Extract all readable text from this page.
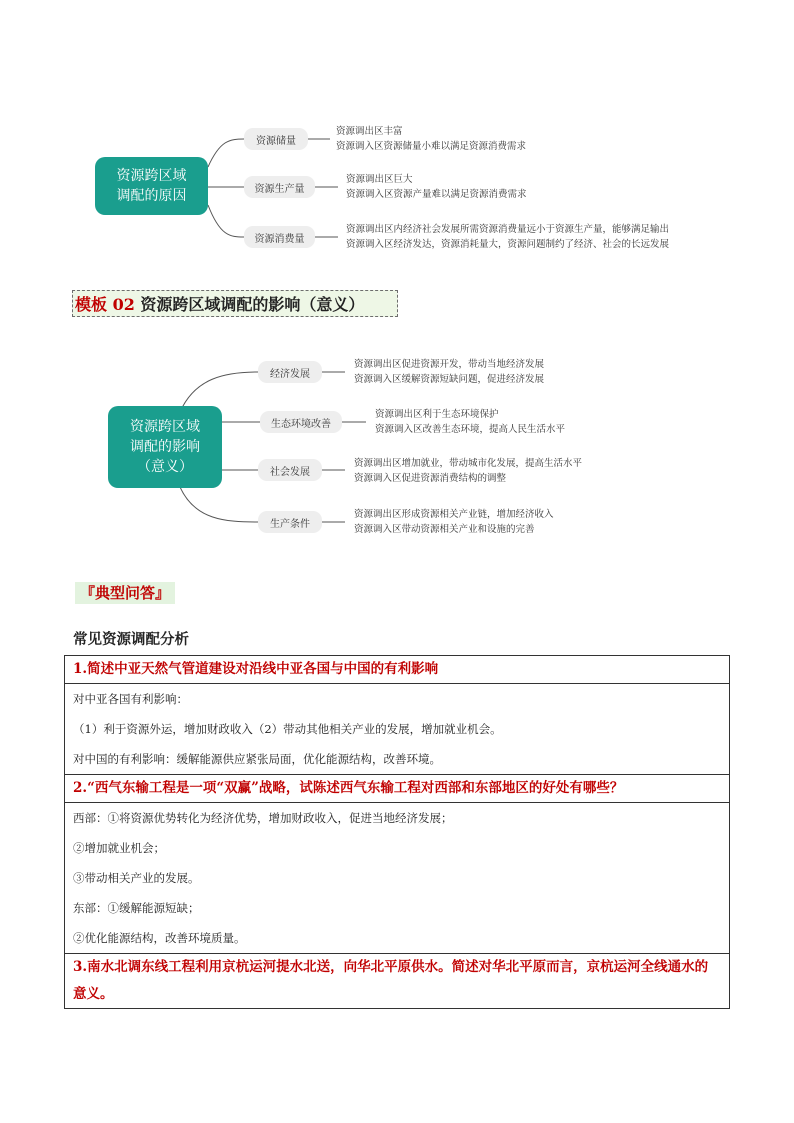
资源跨区域
调配的原因
资源储量
资源生产量
资源消费量
资源调出区丰富
资源调入区资源储量小难以满足资源消费需求
资源调出区巨大
资源调入区资源产量难以满足资源消费需求
资源调出区内经济社会发展所需资源消费量远小于资源生产量，能够满足输出
资源调入区经济发达，资源消耗量大，资源问题制约了经济、社会的长远发展
模板 02 资源跨区域调配的影响（意义）
资源跨区域
调配的影响
（意义）
经济发展
生态环境改善
社会发展
生产条件
资源调出区促进资源开发，带动当地经济发展
资源调入区缓解资源短缺问题，促进经济发展
资源调出区利于生态环境保护
资源调入区改善生态环境，提高人民生活水平
资源调出区增加就业，带动城市化发展，提高生活水平
资源调入区促进资源消费结构的调整
资源调出区形成资源相关产业链，增加经济收入
资源调入区带动资源相关产业和设施的完善
『典型问答』
常见资源调配分析
1.简述中亚天然气管道建设对沿线中亚各国与中国的有利影响

对中亚各国有利影响：
（1）利于资源外运，增加财政收入（2）带动其他相关产业的发展，增加就业机会。
对中国的有利影响：缓解能源供应紧张局面，优化能源结构，改善环境。

2.“西气东输工程是一项“双赢”战略，试陈述西气东输工程对西部和东部地区的好处有哪些？

西部：①将资源优势转化为经济优势，增加财政收入，促进当地经济发展；
②增加就业机会；
③带动相关产业的发展。
东部：①缓解能源短缺；
②优化能源结构，改善环境质量。

3.南水北调东线工程利用京杭运河提水北送，向华北平原供水。简述对华北平原而言，京杭运河全线通水的意义。
